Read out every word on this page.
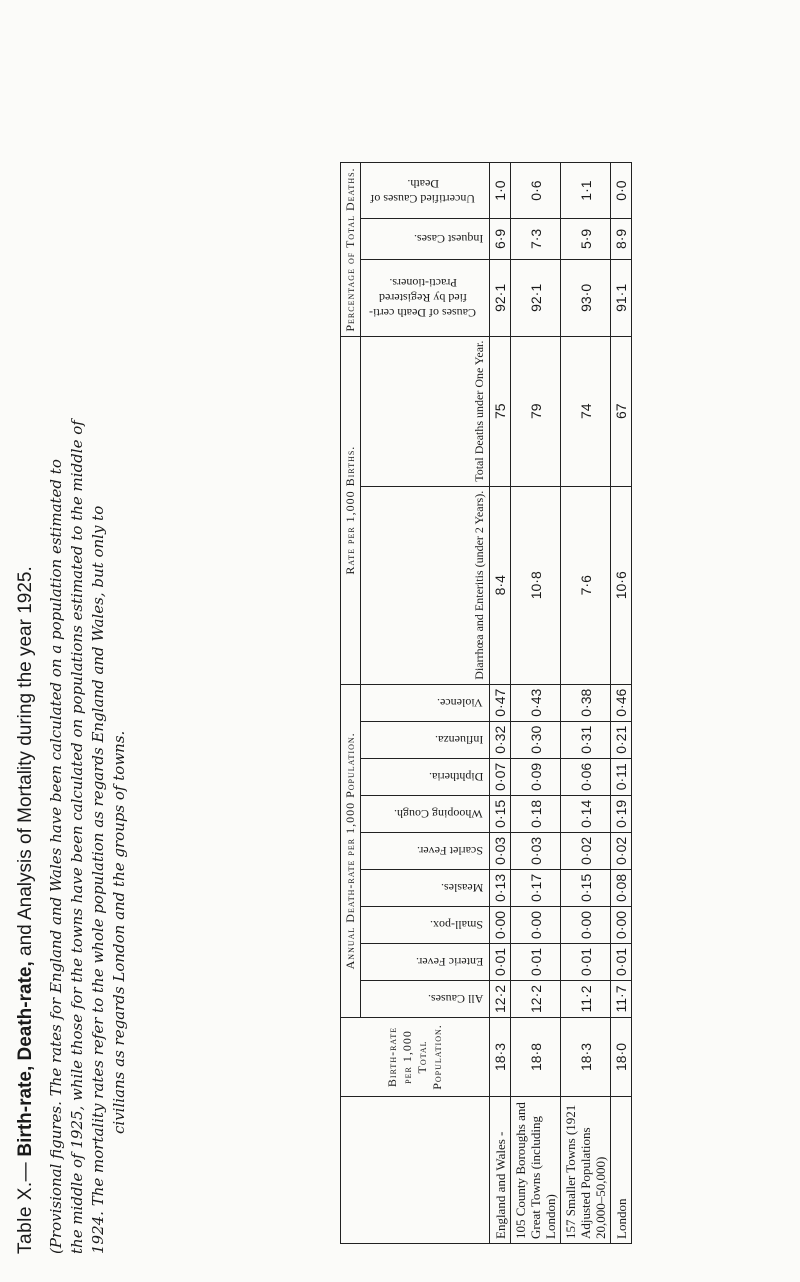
Table X.— Birth-rate, Death-rate, and Analysis of Mortality during the year 1925. (Provisional figures. The rates for England and Wales have been calculated on a population estimated to the middle of 1925, while those for the towns have been calculated on populations estimated to the middle of 1924. The mortality rates refer to the whole population as regards England and Wales, but only to civilians as regards London and the groups of towns.
		Birth-rate per 1,000 Total Population.	Annual Death-rate per 1,000 Population.									Rate per 1,000 Births.		Percentage of Total Deaths.		
		All Causes.	Enteric Fever.	Small-pox.	Measles.	Scarlet Fever.	Whooping Cough.	Diphtheria.	Influenza.	Violence.	Diarrhœa and Enteritis (under 2 Years).	Total Deaths under One Year.	Causes of Death certi-fied by Registered Practi-tioners.	Inquest Cases.	Uncertified Causes of Death.
England and Wales -	18·3	12·2	0·01	0·00	0·13	0·03	0·15	0·07	0·32	0·47	8·4	75	92·1	6·9	1·0
105 County Boroughs and Great Towns (including London)	18·8	12·2	0·01	0·00	0·17	0·03	0·18	0·09	0·30	0·43	10·8	79	92·1	7·3	0·6
157 Smaller Towns (1921 Adjusted Populations 20,000–50,000)	18·3	11·2	0·01	0·00	0·15	0·02	0·14	0·06	0·31	0·38	7·6	74	93·0	5·9	1·1
London	18·0	11·7	0·01	0·00	0·08	0·02	0·19	0·11	0·21	0·46	10·6	67	91·1	8·9	0·0
